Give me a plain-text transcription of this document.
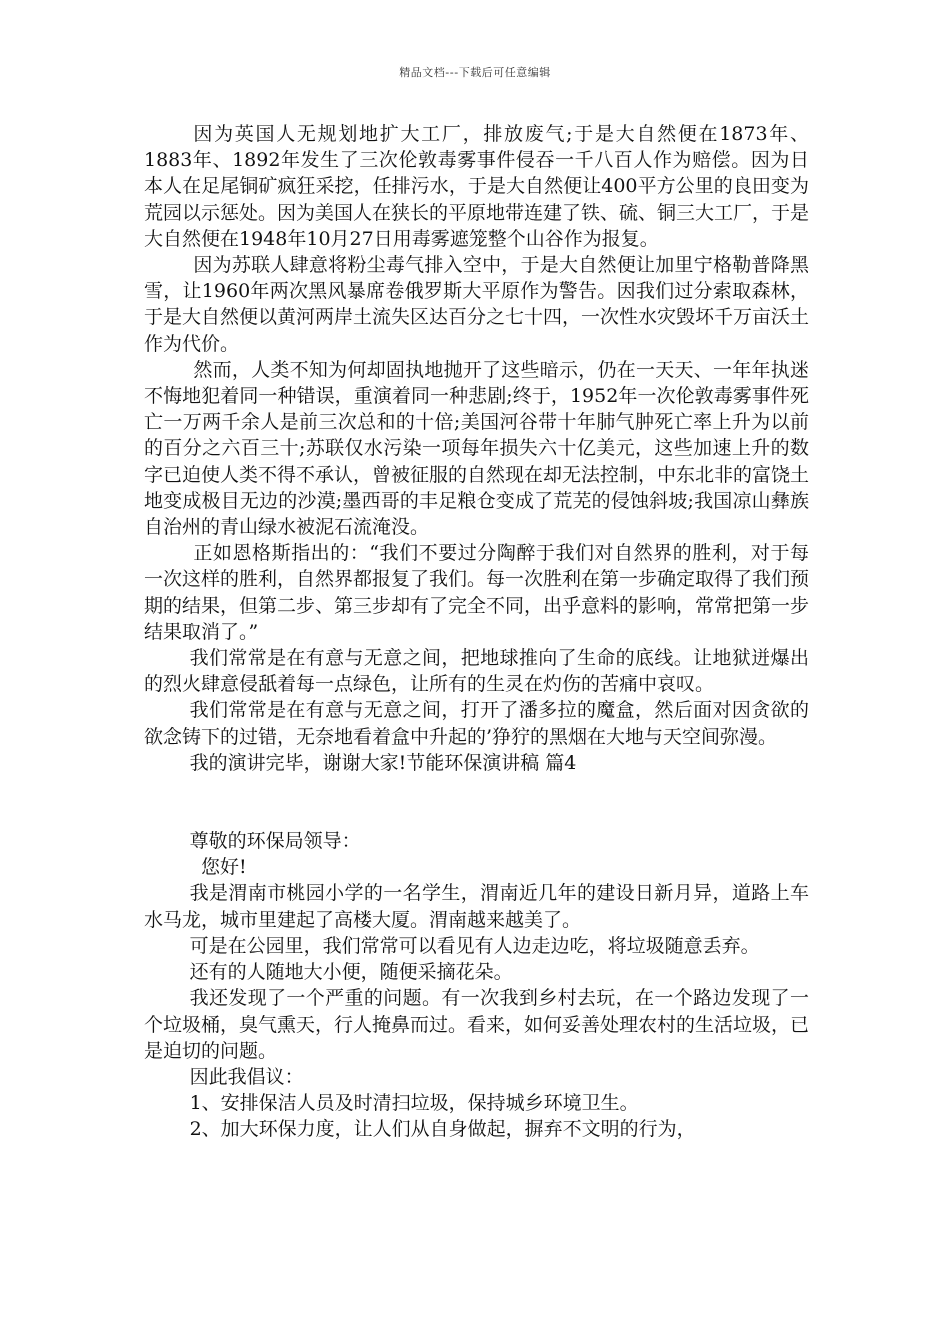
精品文档---下载后可任意编辑

因为英国人无规划地扩大工厂，排放废气;于是大自然便在1873年、1883年、1892年发生了三次伦敦毒雾事件侵吞一千八百人作为赔偿。因为日本人在足尾铜矿疯狂采挖，任排污水，于是大自然便让400平方公里的良田变为荒园以示惩处。因为美国人在狭长的平原地带连建了铁、硫、铜三大工厂，于是大自然便在1948年10月27日用毒雾遮笼整个山谷作为报复。

因为苏联人肆意将粉尘毒气排入空中，于是大自然便让加里宁格勒普降黑雪，让1960年两次黑风暴席卷俄罗斯大平原作为警告。因我们过分索取森林，于是大自然便以黄河两岸土流失区达百分之七十四，一次性水灾毁坏千万亩沃土作为代价。

然而，人类不知为何却固执地抛开了这些暗示，仍在一天天、一年年执迷不悔地犯着同一种错误，重演着同一种悲剧;终于，1952年一次伦敦毒雾事件死亡一万两千余人是前三次总和的十倍;美国河谷带十年肺气肿死亡率上升为以前的百分之六百三十;苏联仅水污染一项每年损失六十亿美元，这些加速上升的数字已迫使人类不得不承认，曾被征服的自然现在却无法控制，中东北非的富饶土地变成极目无边的沙漠;墨西哥的丰足粮仓变成了荒芜的侵蚀斜坡;我国凉山彝族自治州的青山绿水被泥石流淹没。

正如恩格斯指出的：“我们不要过分陶醉于我们对自然界的胜利，对于每一次这样的胜利，自然界都报复了我们。每一次胜利在第一步确定取得了我们预期的结果，但第二步、第三步却有了完全不同，出乎意料的影响，常常把第一步结果取消了。”

我们常常是在有意与无意之间，把地球推向了生命的底线。让地狱迸爆出的烈火肆意侵舐着每一点绿色，让所有的生灵在灼伤的苦痛中哀叹。

我们常常是在有意与无意之间，打开了潘多拉的魔盒，然后面对因贪欲的欲念铸下的过错，无奈地看着盒中升起的’狰狞的黑烟在大地与天空间弥漫。

我的演讲完毕，谢谢大家!节能环保演讲稿 篇4

尊敬的环保局领导：

您好!

我是渭南市桃园小学的一名学生，渭南近几年的建设日新月异，道路上车水马龙，城市里建起了高楼大厦。渭南越来越美了。

可是在公园里，我们常常可以看见有人边走边吃，将垃圾随意丢弃。

还有的人随地大小便，随便采摘花朵。

我还发现了一个严重的问题。有一次我到乡村去玩，在一个路边发现了一个垃圾桶，臭气熏天，行人掩鼻而过。看来，如何妥善处理农村的生活垃圾，已是迫切的问题。

因此我倡议：

1、安排保洁人员及时清扫垃圾，保持城乡环境卫生。

2、加大环保力度，让人们从自身做起，摒弃不文明的行为，
